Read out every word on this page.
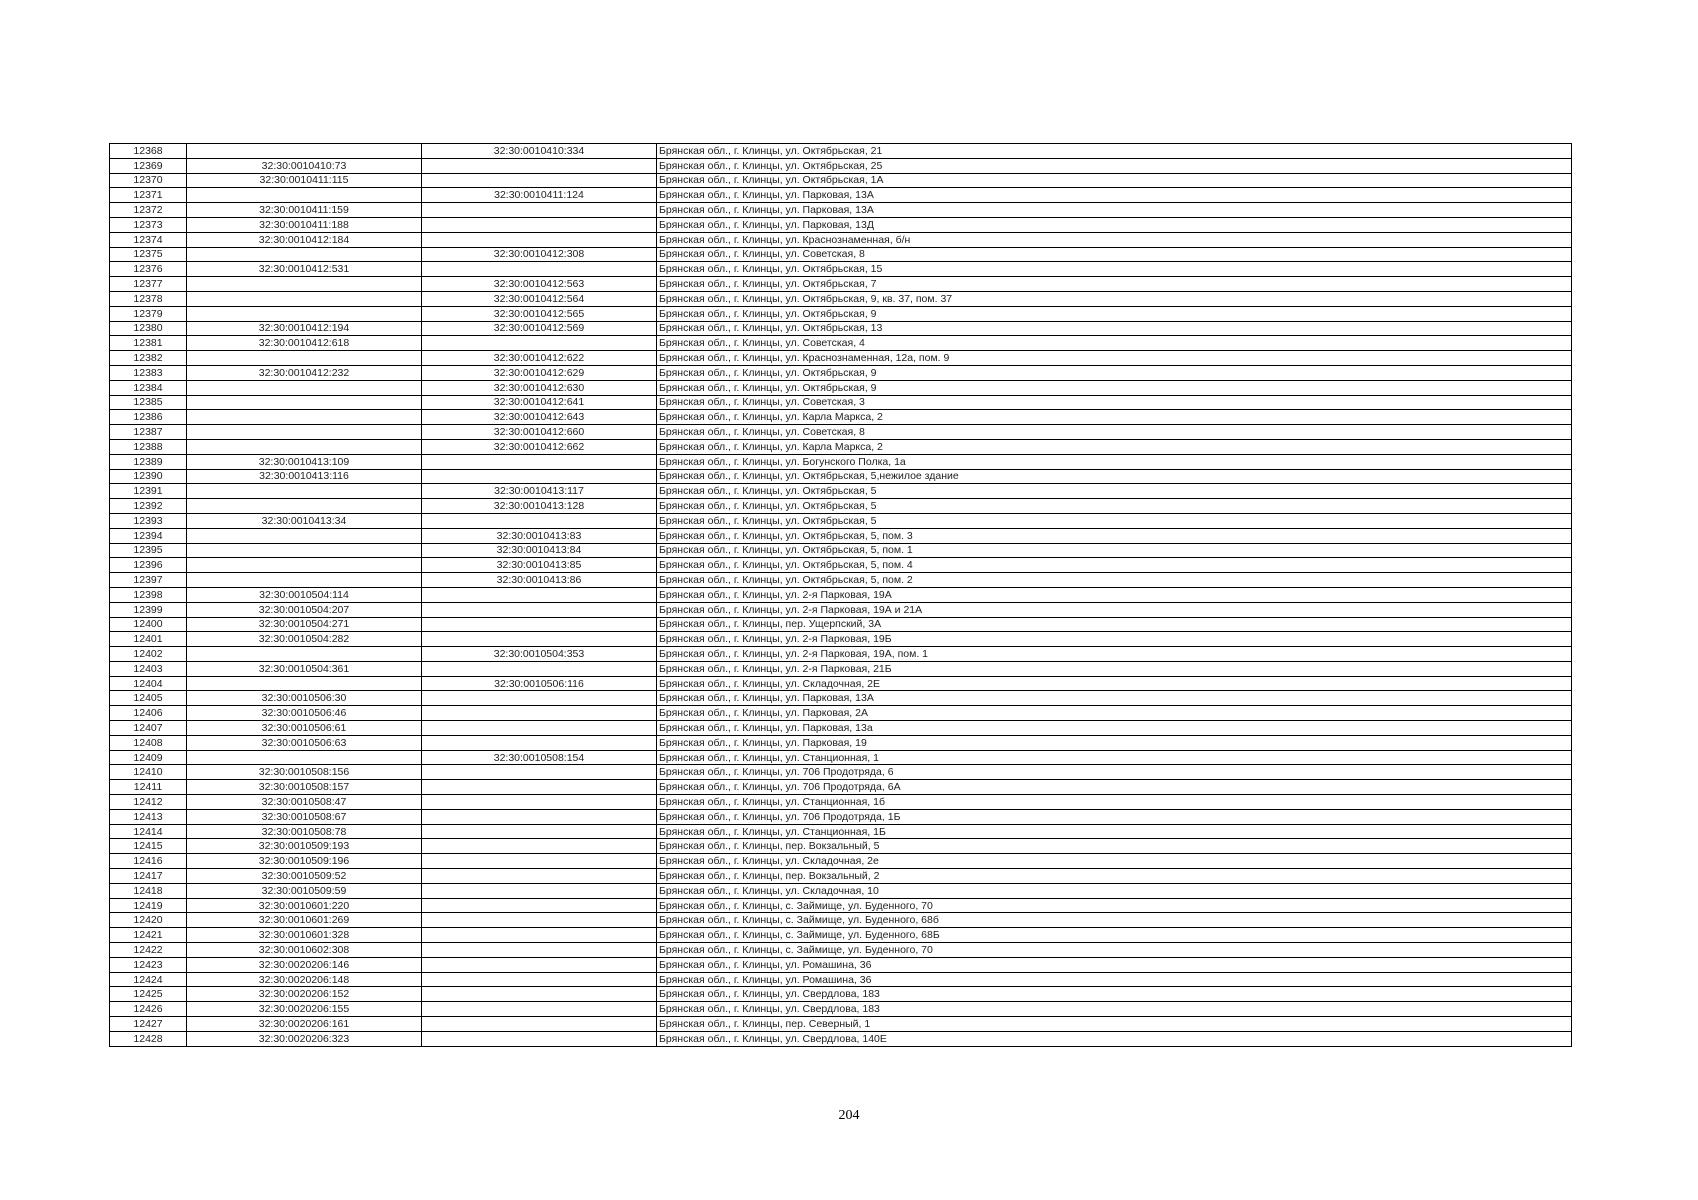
12368		32:30:0010410:334	Брянская обл., г. Клинцы, ул. Октябрьская, 21
12369	32:30:0010410:73		Брянская обл., г. Клинцы, ул. Октябрьская, 25
12370	32:30:0010411:115		Брянская обл., г. Клинцы, ул. Октябрьская, 1А
12371		32:30:0010411:124	Брянская обл., г. Клинцы, ул. Парковая, 13А
12372	32:30:0010411:159		Брянская обл., г. Клинцы, ул. Парковая, 13А
12373	32:30:0010411:188		Брянская обл., г. Клинцы, ул. Парковая, 13Д
12374	32:30:0010412:184		Брянская обл., г. Клинцы, ул. Краснознаменная, б/н
12375		32:30:0010412:308	Брянская обл., г. Клинцы, ул. Советская, 8
12376	32:30:0010412:531		Брянская обл., г. Клинцы, ул. Октябрьская, 15
12377		32:30:0010412:563	Брянская обл., г. Клинцы, ул. Октябрьская, 7
12378		32:30:0010412:564	Брянская обл., г. Клинцы, ул. Октябрьская, 9, кв. 37, пом. 37
12379		32:30:0010412:565	Брянская обл., г. Клинцы, ул. Октябрьская, 9
12380	32:30:0010412:194	32:30:0010412:569	Брянская обл., г. Клинцы, ул. Октябрьская, 13
12381	32:30:0010412:618		Брянская обл., г. Клинцы, ул. Советская, 4
12382		32:30:0010412:622	Брянская обл., г. Клинцы, ул. Краснознаменная, 12а, пом. 9
12383	32:30:0010412:232	32:30:0010412:629	Брянская обл., г. Клинцы, ул. Октябрьская, 9
12384		32:30:0010412:630	Брянская обл., г. Клинцы, ул. Октябрьская, 9
12385		32:30:0010412:641	Брянская обл., г. Клинцы, ул. Советская, 3
12386		32:30:0010412:643	Брянская обл., г. Клинцы, ул. Карла Маркса, 2
12387		32:30:0010412:660	Брянская обл., г. Клинцы, ул. Советская, 8
12388		32:30:0010412:662	Брянская обл., г. Клинцы, ул. Карла Маркса, 2
12389	32:30:0010413:109		Брянская обл., г. Клинцы, ул. Богунского Полка, 1а
12390	32:30:0010413:116		Брянская обл., г. Клинцы, ул. Октябрьская, 5,нежилое здание
12391		32:30:0010413:117	Брянская обл., г. Клинцы, ул. Октябрьская, 5
12392		32:30:0010413:128	Брянская обл., г. Клинцы, ул. Октябрьская, 5
12393	32:30:0010413:34		Брянская обл., г. Клинцы, ул. Октябрьская, 5
12394		32:30:0010413:83	Брянская обл., г. Клинцы, ул. Октябрьская, 5, пом. 3
12395		32:30:0010413:84	Брянская обл., г. Клинцы, ул. Октябрьская, 5, пом. 1
12396		32:30:0010413:85	Брянская обл., г. Клинцы, ул. Октябрьская, 5, пом. 4
12397		32:30:0010413:86	Брянская обл., г. Клинцы, ул. Октябрьская, 5, пом. 2
12398	32:30:0010504:114		Брянская обл., г. Клинцы, ул. 2-я Парковая, 19А
12399	32:30:0010504:207		Брянская обл., г. Клинцы, ул. 2-я Парковая, 19А и 21А
12400	32:30:0010504:271		Брянская обл., г. Клинцы, пер. Ущерпский, 3А
12401	32:30:0010504:282		Брянская обл., г. Клинцы, ул. 2-я Парковая, 19Б
12402		32:30:0010504:353	Брянская обл., г. Клинцы, ул. 2-я Парковая, 19А, пом. 1
12403	32:30:0010504:361		Брянская обл., г. Клинцы, ул. 2-я Парковая, 21Б
12404		32:30:0010506:116	Брянская обл., г. Клинцы, ул. Складочная, 2Е
12405	32:30:0010506:30		Брянская обл., г. Клинцы, ул. Парковая, 13А
12406	32:30:0010506:46		Брянская обл., г. Клинцы, ул. Парковая, 2А
12407	32:30:0010506:61		Брянская обл., г. Клинцы, ул. Парковая, 13а
12408	32:30:0010506:63		Брянская обл., г. Клинцы, ул. Парковая, 19
12409		32:30:0010508:154	Брянская обл., г. Клинцы, ул. Станционная, 1
12410	32:30:0010508:156		Брянская обл., г. Клинцы, ул. 706 Продотряда, 6
12411	32:30:0010508:157		Брянская обл., г. Клинцы, ул. 706 Продотряда, 6А
12412	32:30:0010508:47		Брянская обл., г. Клинцы, ул. Станционная, 1б
12413	32:30:0010508:67		Брянская обл., г. Клинцы, ул. 706 Продотряда, 1Б
12414	32:30:0010508:78		Брянская обл., г. Клинцы, ул. Станционная, 1Б
12415	32:30:0010509:193		Брянская обл., г. Клинцы, пер. Вокзальный, 5
12416	32:30:0010509:196		Брянская обл., г. Клинцы, ул. Складочная, 2е
12417	32:30:0010509:52		Брянская обл., г. Клинцы, пер. Вокзальный, 2
12418	32:30:0010509:59		Брянская обл., г. Клинцы, ул. Складочная, 10
12419	32:30:0010601:220		Брянская обл., г. Клинцы, с. Займище, ул. Буденного, 70
12420	32:30:0010601:269		Брянская обл., г. Клинцы, с. Займище, ул. Буденного, 68б
12421	32:30:0010601:328		Брянская обл., г. Клинцы, с. Займище, ул. Буденного, 68Б
12422	32:30:0010602:308		Брянская обл., г. Клинцы, с. Займище, ул. Буденного, 70
12423	32:30:0020206:146		Брянская обл., г. Клинцы, ул. Ромашина, 36
12424	32:30:0020206:148		Брянская обл., г. Клинцы, ул. Ромашина, 36
12425	32:30:0020206:152		Брянская обл., г. Клинцы, ул. Свердлова, 183
12426	32:30:0020206:155		Брянская обл., г. Клинцы, ул. Свердлова, 183
12427	32:30:0020206:161		Брянская обл., г. Клинцы, пер. Северный, 1
12428	32:30:0020206:323		Брянская обл., г. Клинцы, ул. Свердлова, 140Е
204
